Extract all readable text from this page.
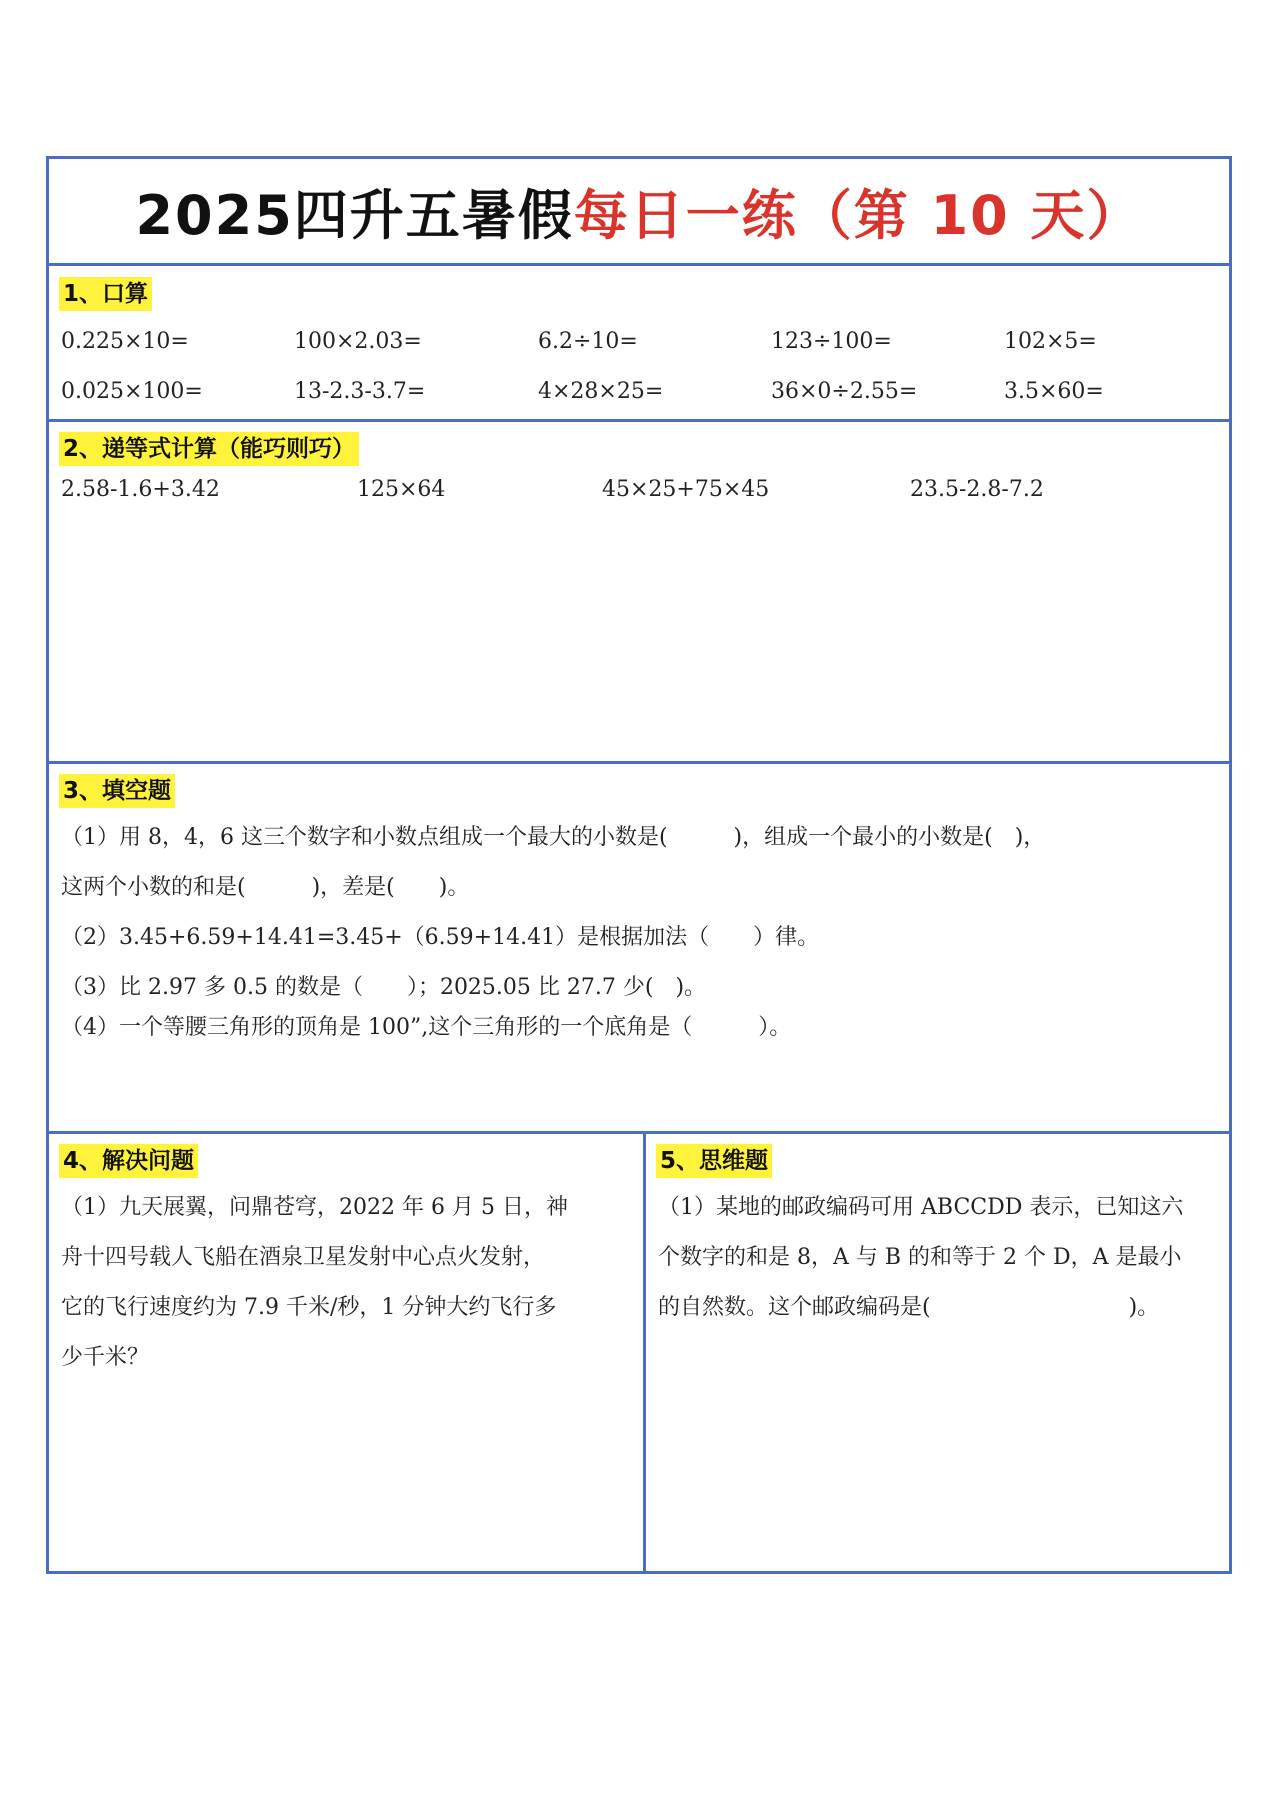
2025四升五暑假 每日一练（第 10 天）
1、口算
0.225×10=	100×2.03=	6.2÷10=	123÷100=	102×5=
0.025×100=	13-2.3-3.7=	4×28×25=	36×0÷2.55=	3.5×60=
2、递等式计算（能巧则巧）
2.58-1.6+3.42	125×64	45×25+75×45	23.5-2.8-7.2
3、填空题
（1）用 8，4，6 这三个数字和小数点组成一个最大的小数是(　　　)，组成一个最小的小数是(　)，
这两个小数的和是(　　　)，差是(　　)。
（2）3.45+6.59+14.41=3.45+（6.59+14.41）是根据加法（　　）律。
（3）比 2.97 多 0.5 的数是（　　）；2025.05 比 27.7 少(　)。
（4）一个等腰三角形的顶角是 100”,这个三角形的一个底角是（　　　）。
4、解决问题
（1）九天展翼，问鼎苍穹，2022 年 6 月 5 日，神
舟十四号载人飞船在酒泉卫星发射中心点火发射，
它的飞行速度约为 7.9 千米/秒，1 分钟大约飞行多
少千米？
5、思维题
（1）某地的邮政编码可用 ABCCDD 表示，已知这六
个数字的和是 8，A 与 B 的和等于 2 个 D，A 是最小
的自然数。这个邮政编码是(　　　　　　　　　)。
